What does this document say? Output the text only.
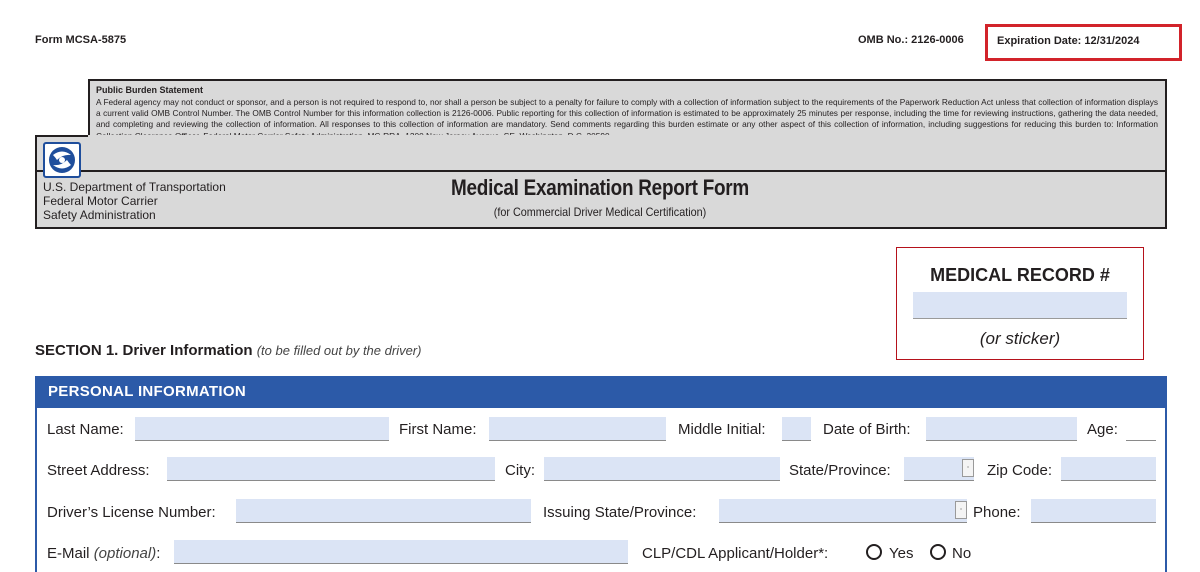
Form MCSA-5875	OMB No.: 2126-0006	Expiration Date: 12/31/2024
Public Burden Statement
A Federal agency may not conduct or sponsor, and a person is not required to respond to, nor shall a person be subject to a penalty for failure to comply with a collection of information subject to the requirements of the Paperwork Reduction Act unless that collection of information displays a current valid OMB Control Number. The OMB Control Number for this information collection is 2126-0006. Public reporting for this collection of information is estimated to be approximately 25 minutes per response, including the time for reviewing instructions, gathering the data needed, and completing and reviewing the collection of information. All responses to this collection of information are mandatory. Send comments regarding this burden estimate or any other aspect of this collection of information, including suggestions for reducing this burden to: Information
U.S. Department of Transportation
Federal Motor Carrier
Safety Administration
Medical Examination Report Form
(for Commercial Driver Medical Certification)
MEDICAL RECORD #
(or sticker)
SECTION 1. Driver Information (to be filled out by the driver)
PERSONAL INFORMATION
Last Name:	First Name:	Middle Initial:	Date of Birth:	Age:
Street Address:	City:	State/Province:	⋅	Zip Code:
Driver’s License Number:	Issuing State/Province:	⋅ Phone:
E-Mail (optional):	CLP/CDL Applicant/Holder*:	Yes	No
